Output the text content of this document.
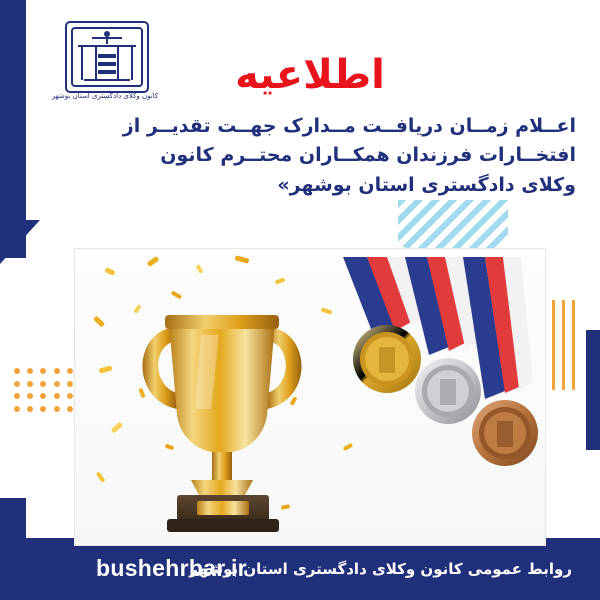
کانون وکلای دادگستری استان بوشهر	اطلاعیه
اعــلام زمــان دریافــت مــدارک جهــت تقدیــر از افتخــارات فرزندان همکــاران محتــرم کانون وکلای دادگستری استان بوشهر»
bushehrbar.ir
روابط عمومی کانون وکلای دادگستری استان بوشهر
